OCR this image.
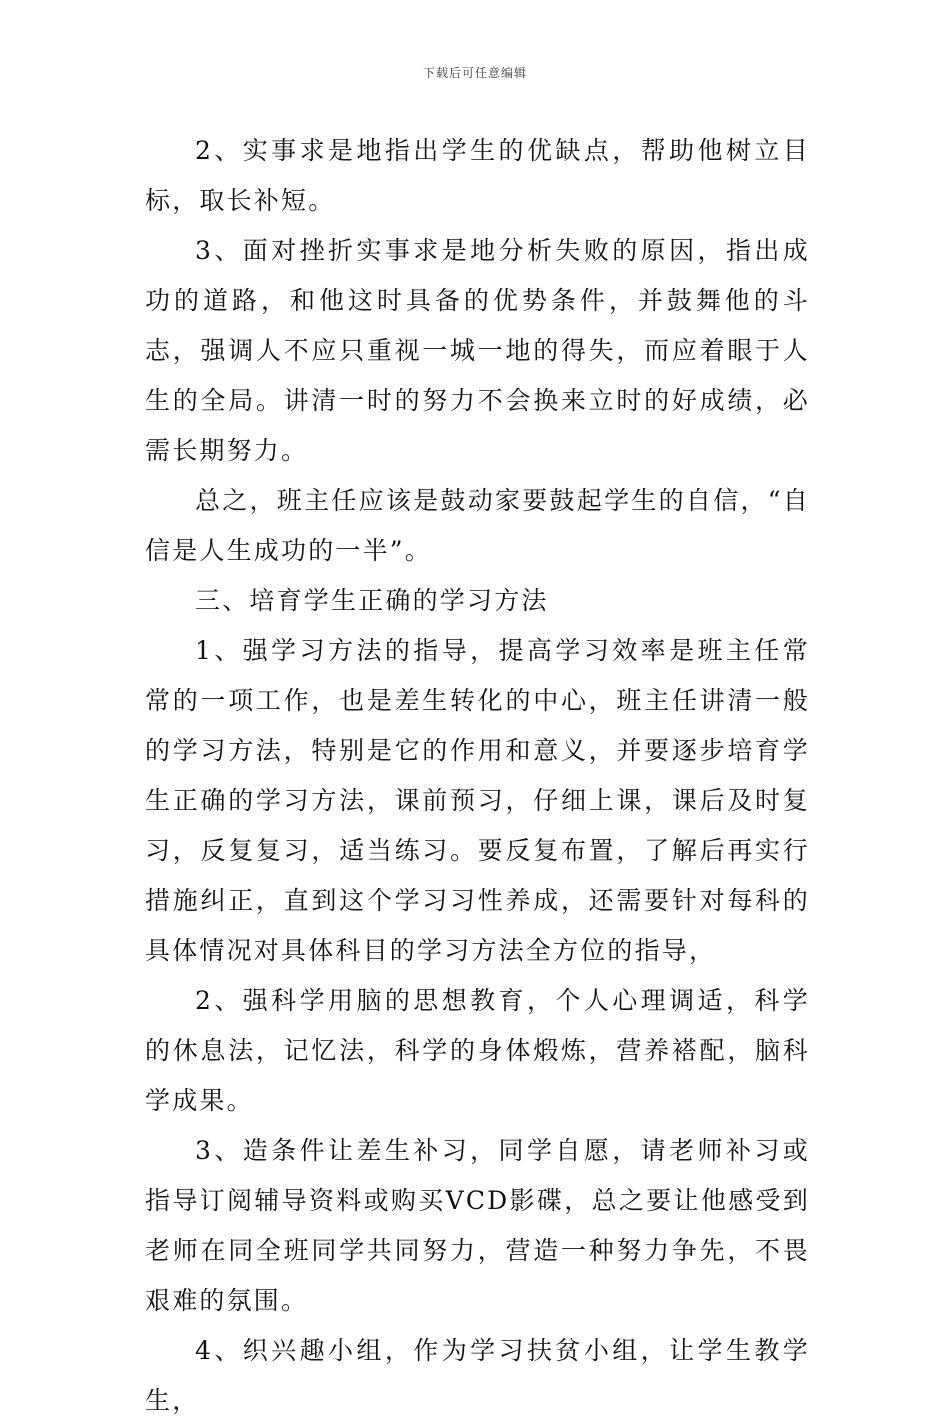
下载后可任意编辑

2、实事求是地指出学生的优缺点，帮助他树立目标，取长补短。

3、面对挫折实事求是地分析失败的原因，指出成功的道路，和他这时具备的优势条件，并鼓舞他的斗志，强调人不应只重视一城一地的得失，而应着眼于人生的全局。讲清一时的努力不会换来立时的好成绩，必需长期努力。

总之，班主任应该是鼓动家要鼓起学生的自信，“自信是人生成功的一半”。

三、培育学生正确的学习方法

1、强学习方法的指导，提高学习效率是班主任常常的一项工作，也是差生转化的中心，班主任讲清一般的学习方法，特别是它的作用和意义，并要逐步培育学生正确的学习方法，课前预习，仔细上课，课后及时复习，反复复习，适当练习。要反复布置，了解后再实行措施纠正，直到这个学习习性养成，还需要针对每科的具体情况对具体科目的学习方法全方位的指导，

2、强科学用脑的思想教育，个人心理调适，科学的休息法，记忆法，科学的身体煅炼，营养褡配，脑科学成果。

3、造条件让差生补习，同学自愿，请老师补习或指导订阅辅导资料或购买VCD影碟，总之要让他感受到老师在同全班同学共同努力，营造一种努力争先，不畏艰难的氛围。

4、织兴趣小组，作为学习扶贫小组，让学生教学生，
